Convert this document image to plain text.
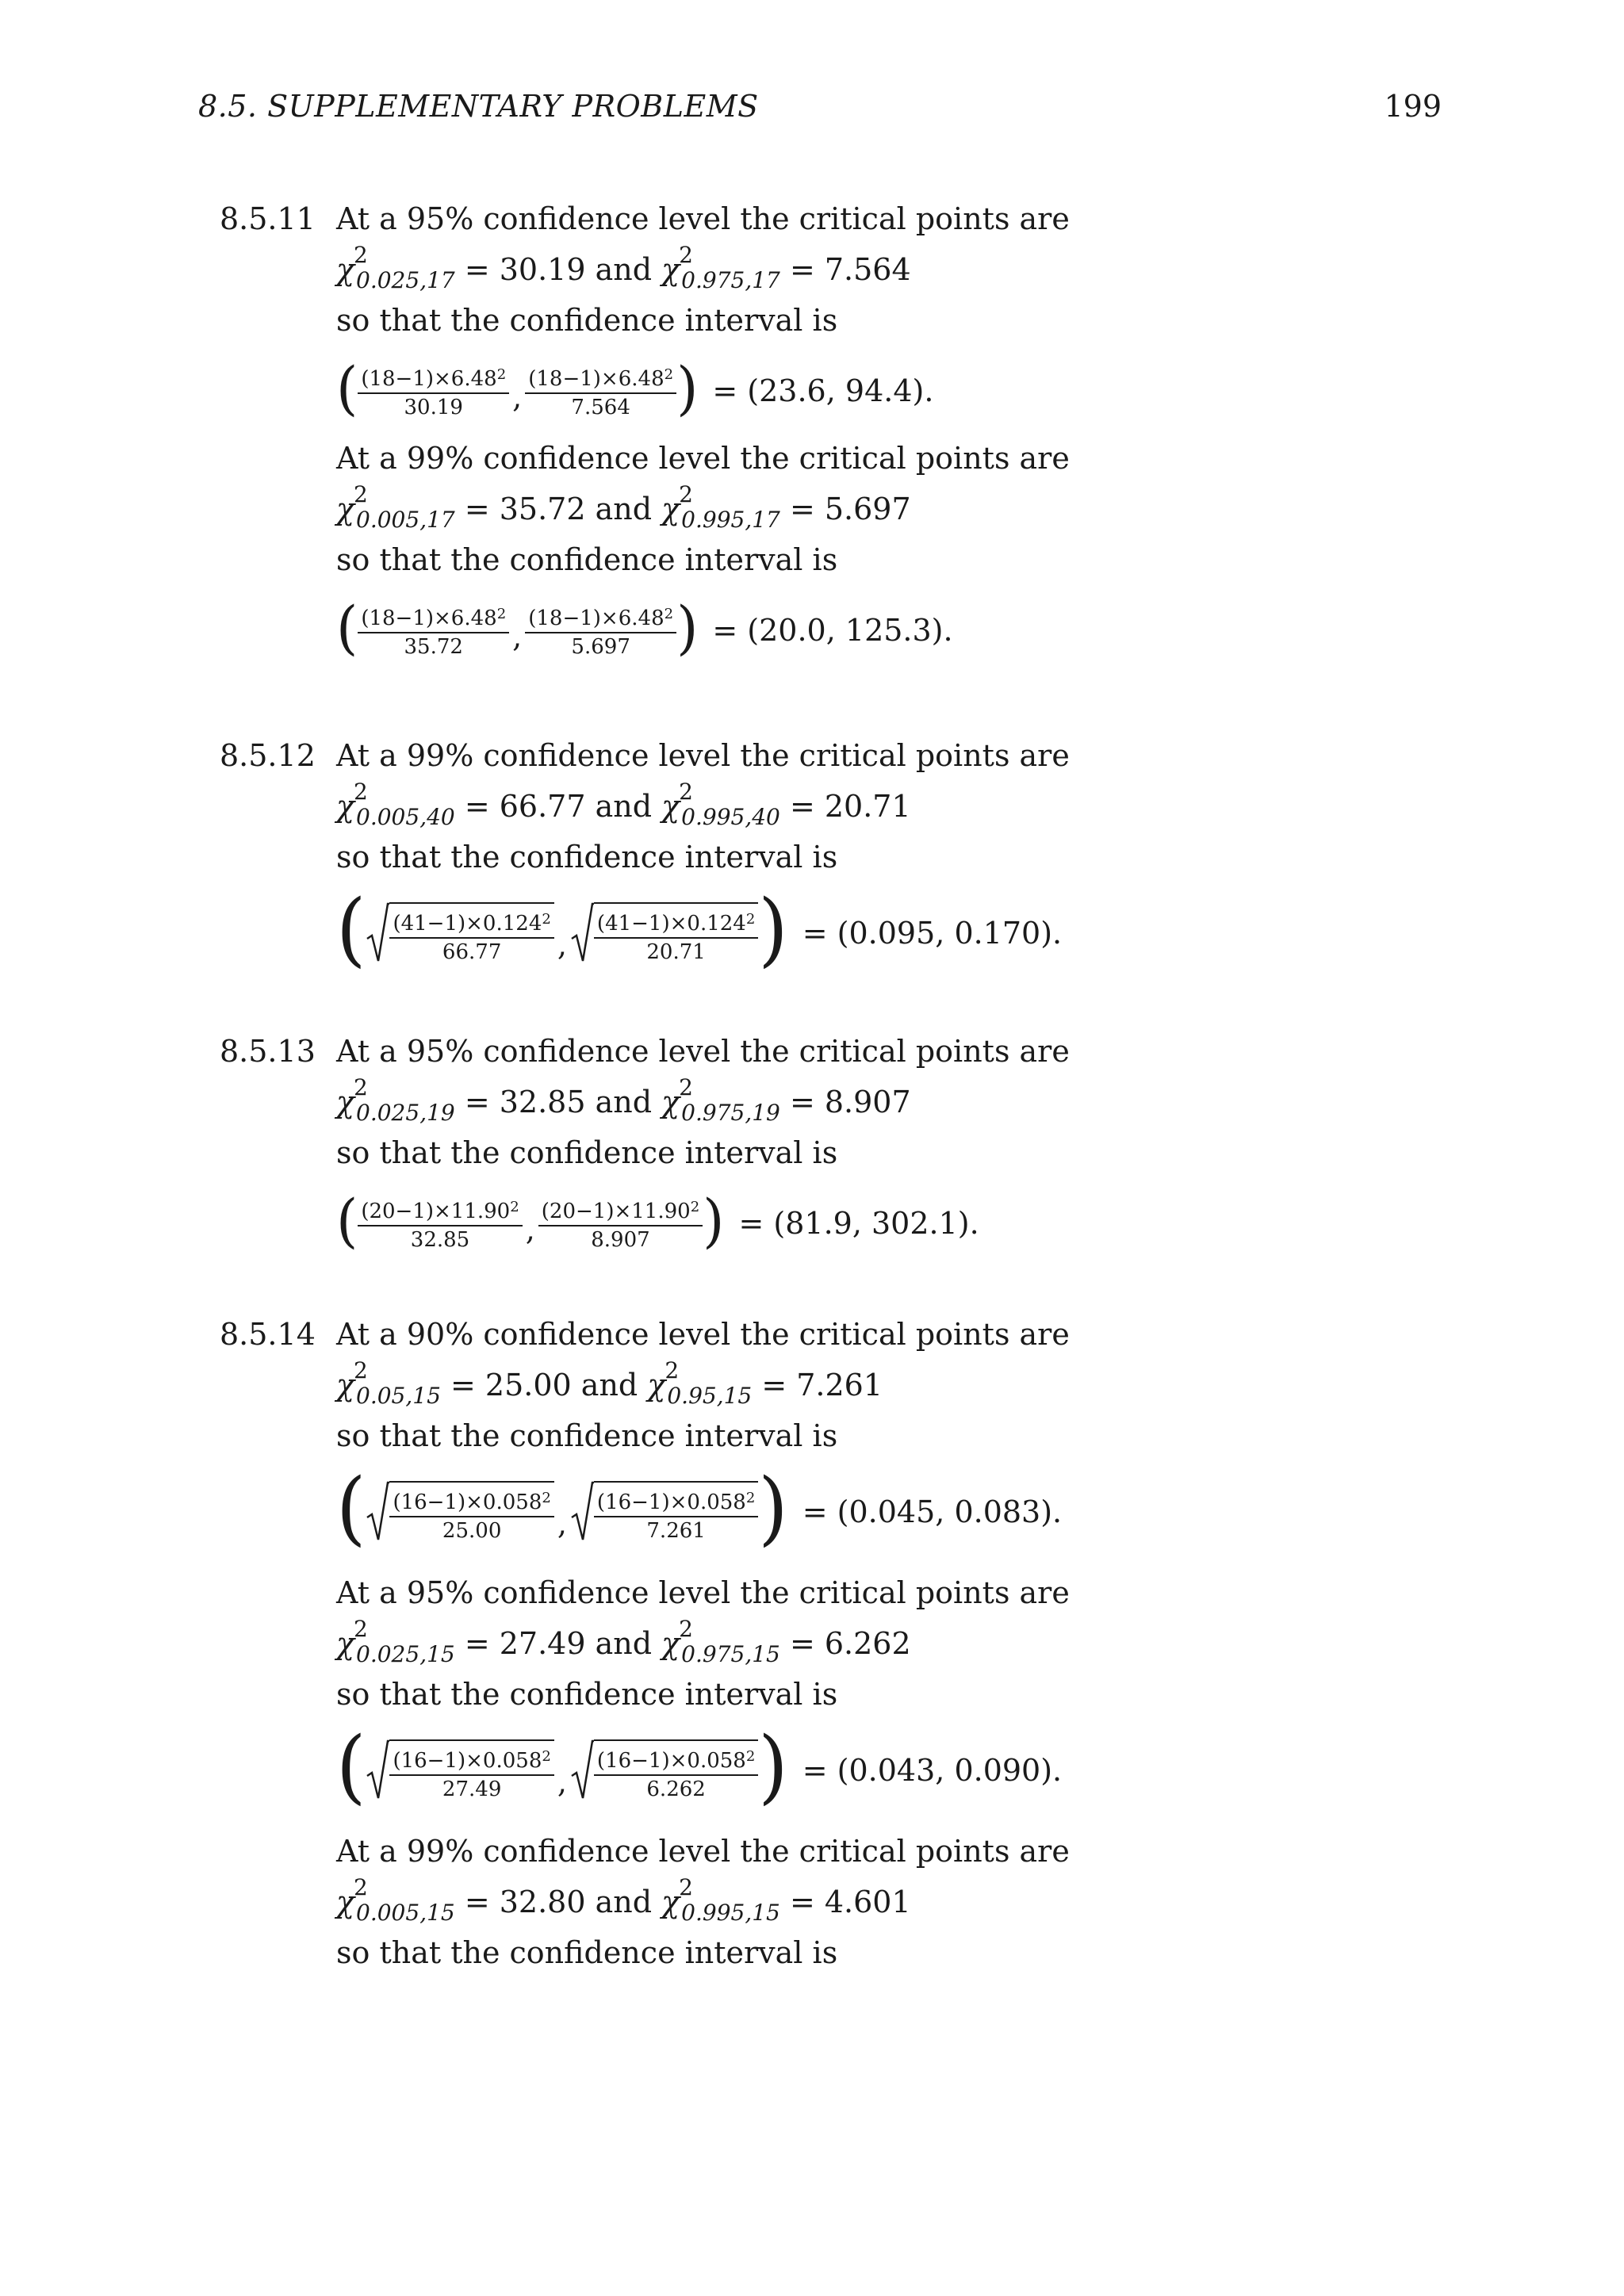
8.5. SUPPLEMENTARY PROBLEMS	199
8.5.11 At a 95% confidence level the critical points are
χ
2
0.025,17 = 30.19 and χ
2
0.975,17 = 7.564
so that the confidence interval is
( $\frac{(18-1)\times 6.48^2}{30.19}$ , $\frac{(18-1)\times 6.48^2}{7.564}$ ) = (23.6, 94.4).
At a 99% confidence level the critical points are
χ
2
0.005,17 = 35.72 and χ
2
0.995,17 = 5.697
so that the confidence interval is
( $\frac{(18-1)\times 6.48^2}{35.72}$ , $\frac{(18-1)\times 6.48^2}{5.697}$ ) = (20.0, 125.3).
8.5.12 At a 99% confidence level the critical points are
χ
2
0.005,40 = 66.77 and χ
2
0.995,40 = 20.71
so that the confidence interval is
( $\frac{(41-1)\times 0.124^2}{66.77}$ , $\frac{(41-1)\times 0.124^2}{20.71}$ ) = (0.095, 0.170).
8.5.13 At a 95% confidence level the critical points are
χ
2
0.025,19 = 32.85 and χ
2
0.975,19 = 8.907
so that the confidence interval is
( $\frac{(20-1)\times 11.90^2}{32.85}$ , $\frac{(20-1)\times 11.90^2}{8.907}$ ) = (81.9, 302.1).
8.5.14 At a 90% confidence level the critical points are
χ
2
0.05,15 = 25.00 and χ
2
0.95,15 = 7.261
so that the confidence interval is
( $\frac{(16-1)\times 0.058^2}{25.00}$ , $\frac{(16-1)\times 0.058^2}{7.261}$ ) = (0.045, 0.083).
At a 95% confidence level the critical points are
χ
2
0.025,15 = 27.49 and χ
2
0.975,15 = 6.262
so that the confidence interval is
( $\frac{(16-1)\times 0.058^2}{27.49}$ , $\frac{(16-1)\times 0.058^2}{6.262}$ ) = (0.043, 0.090).
At a 99% confidence level the critical points are
χ
2
0.005,15 = 32.80 and χ
2
0.995,15 = 4.601
so that the confidence interval is
